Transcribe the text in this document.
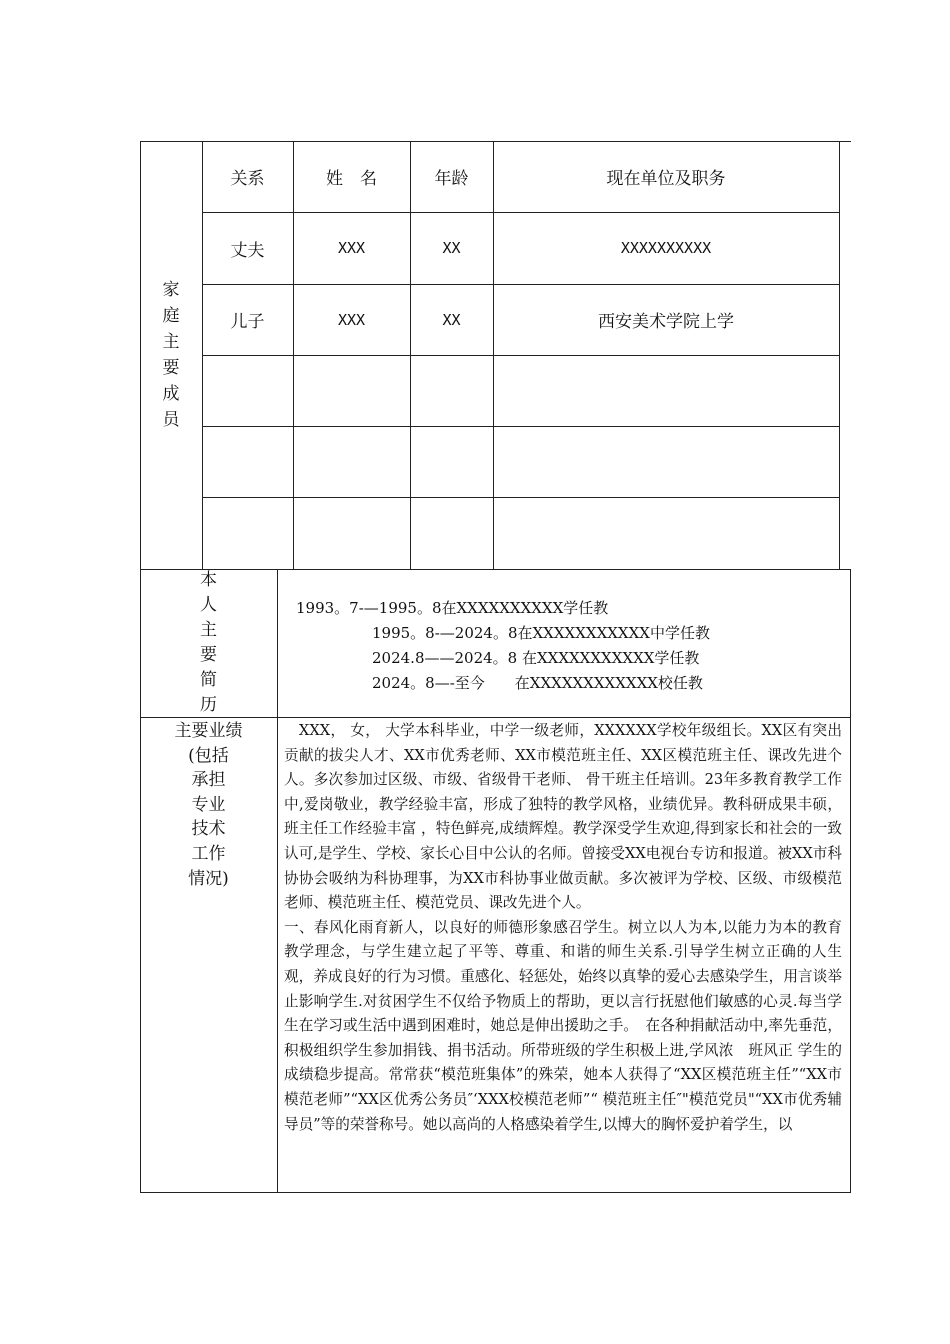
家
庭
主
要
成
员
关系	姓　名	年龄	现在单位及职务
丈夫	XXX	XX	XXXXXXXXXX
儿子	XXX	XX	西安美术学院上学
本
人
主
要
简
历
1993。7-—1995。8在XXXXXXXXXX学任教
1995。8-—2024。8在XXXXXXXXXXX中学任教
2024.8——2024。8 在XXXXXXXXXXX学任教
2024。8—-至今　　在XXXXXXXXXXXX校任教
主要业绩
(包括
承担
专业
技术
工作
情况)

　XXX， 女， 大学本科毕业，中学一级老师，XXXXXX学校年级组长。XX区有突出贡献的拔尖人才、XX市优秀老师、XX市模范班主任、XX区模范班主任、课改先进个人。多次参加过区级、市级、省级骨干老师、 骨干班主任培训。23年多教育教学工作中,爱岗敬业，教学经验丰富，形成了独特的教学风格，业绩优异。教科研成果丰硕，班主任工作经验丰富 ，特色鲜亮,成绩辉煌。教学深受学生欢迎,得到家长和社会的一致认可,是学生、学校、家长心目中公认的名师。曾接受XX电视台专访和报道。被XX市科协协会吸纳为科协理事，为XX市科协事业做贡献。多次被评为学校、区级、市级模范老师、模范班主任、模范党员、课改先进个人。

一、春风化雨育新人，以良好的师德形象感召学生。树立以人为本,以能力为本的教育教学理念，与学生建立起了平等、尊重、和谐的师生关系.引导学生树立正确的人生观，养成良好的行为习惯。重感化、轻惩处，始终以真挚的爱心去感染学生，用言谈举止影响学生.对贫困学生不仅给予物质上的帮助，更以言行抚慰他们敏感的心灵.每当学生在学习或生活中遇到困难时，她总是伸出援助之手。　在各种捐献活动中,率先垂范，积极组织学生参加捐钱、捐书活动。所带班级的学生积极上进,学风浓　班风正 学生的成绩稳步提高。常常获“模范班集体”的殊荣，她本人获得了“XX区模范班主任”“XX市模范老师”“XX区优秀公务员″‘XXX校模范老师”“ 模范班主任″"模范党员"“XX市优秀辅导员”等的荣誉称号。她以高尚的人格感染着学生,以博大的胸怀爱护着学生，以
